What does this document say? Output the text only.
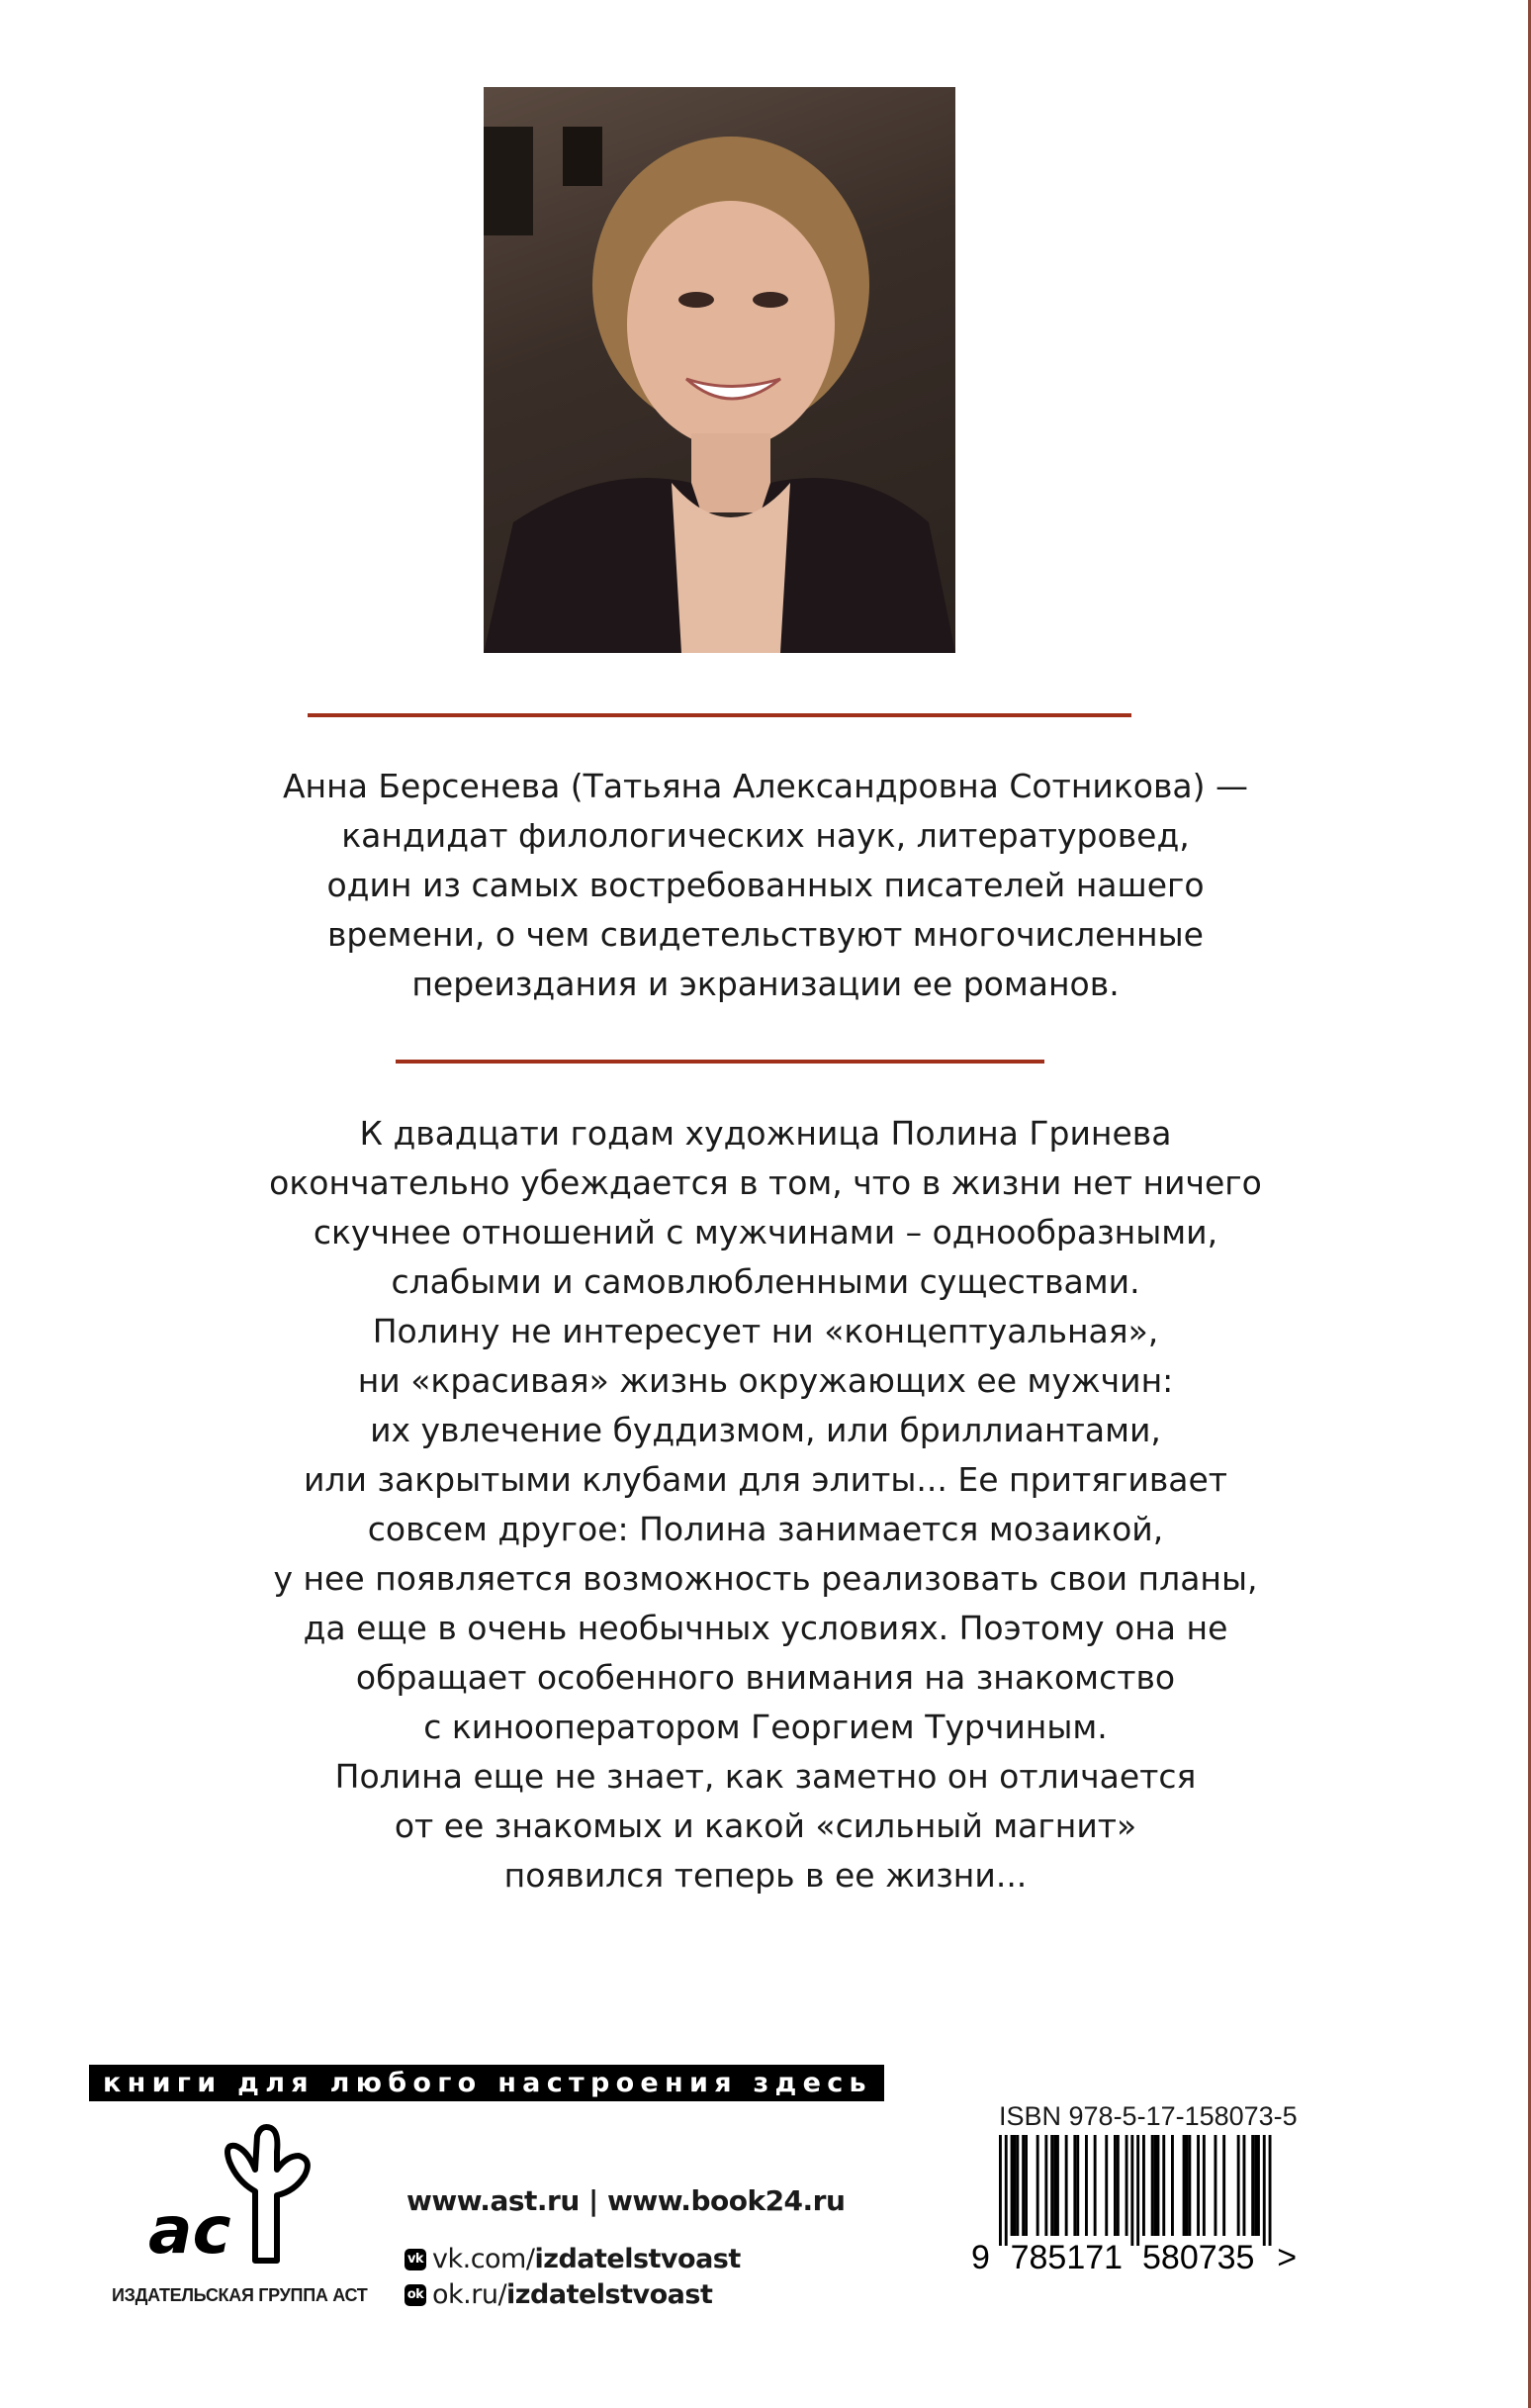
Анна Берсенева (Татьяна Александровна Сотникова) —
кандидат филологических наук, литературовед,
один из самых востребованных писателей нашего
времени, о чем свидетельствуют многочисленные
переиздания и экранизации ее романов.
К двадцати годам художница Полина Гринева
окончательно убеждается в том, что в жизни нет ничего
скучнее отношений с мужчинами – однообразными,
слабыми и самовлюбленными существами.
Полину не интересует ни «концептуальная»,
ни «красивая» жизнь окружающих ее мужчин:
их увлечение буддизмом, или бриллиантами,
или закрытыми клубами для элиты... Ее притягивает
совсем другое: Полина занимается мозаикой,
у нее появляется возможность реализовать свои планы,
да еще в очень необычных условиях. Поэтому она не
обращает особенного внимания на знакомство
с кинооператором Георгием Турчиным.
Полина еще не знает, как заметно он отличается
от ее знакомых и какой «сильный магнит»
появился теперь в ее жизни...
книги для любого настроения здесь
ac
ИЗДАТЕЛЬСКАЯ ГРУППА АСТ
www.ast.ru | www.book24.ru
vk vk.com/izdatelstvoast
ok ok.ru/izdatelstvoast
ISBN 978-5-17-158073-5
9 785171 580735 >
